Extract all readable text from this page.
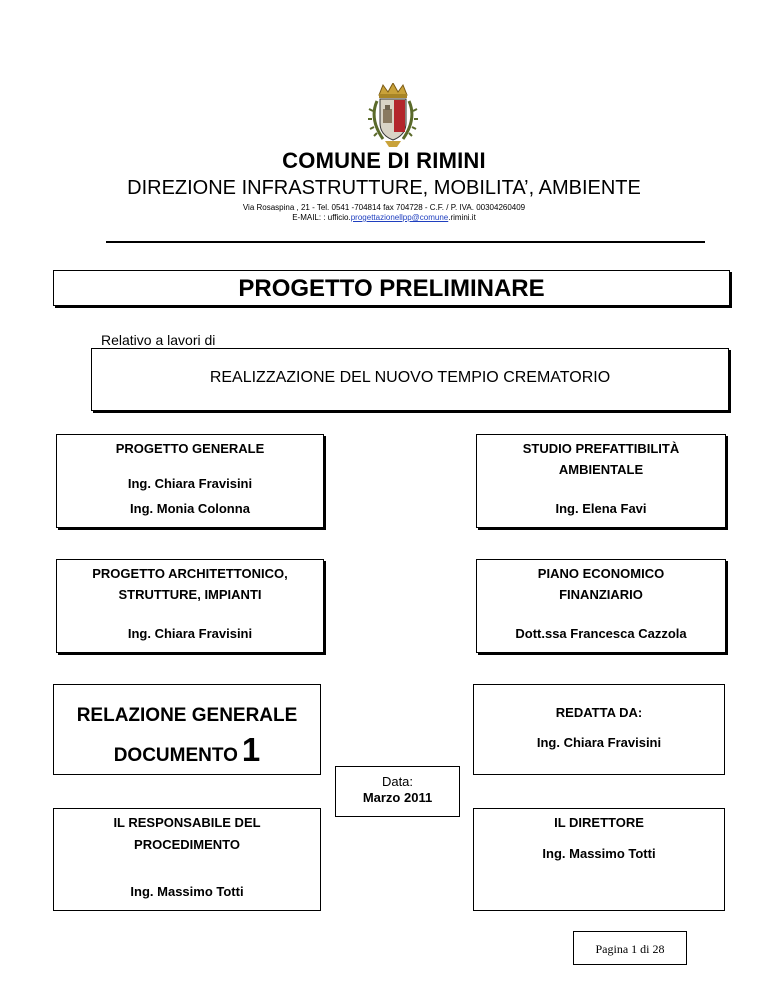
COMUNE DI RIMINI
DIREZIONE INFRASTRUTTURE, MOBILITA’, AMBIENTE
Via Rosaspina , 21 - Tel. 0541 -704814 fax 704728 - C.F. / P. IVA. 00304260409
E-MAIL: : ufficio.progettazionellpp@comune.rimini.it
PROGETTO PRELIMINARE
Relativo a lavori di
REALIZZAZIONE DEL NUOVO TEMPIO CREMATORIO
PROGETTO GENERALE
Ing. Chiara Fravisini
Ing. Monia Colonna
STUDIO PREFATTIBILITÀ
AMBIENTALE
Ing. Elena Favi
PROGETTO ARCHITETTONICO,
STRUTTURE, IMPIANTI
Ing. Chiara Fravisini
PIANO ECONOMICO
FINANZIARIO
Dott.ssa Francesca Cazzola
RELAZIONE GENERALE
DOCUMENTO 1
REDATTA DA:
Ing. Chiara Fravisini
Data:
Marzo 2011
IL RESPONSABILE DEL
PROCEDIMENTO
Ing. Massimo Totti
IL DIRETTORE
Ing. Massimo Totti
Pagina 1 di 28
